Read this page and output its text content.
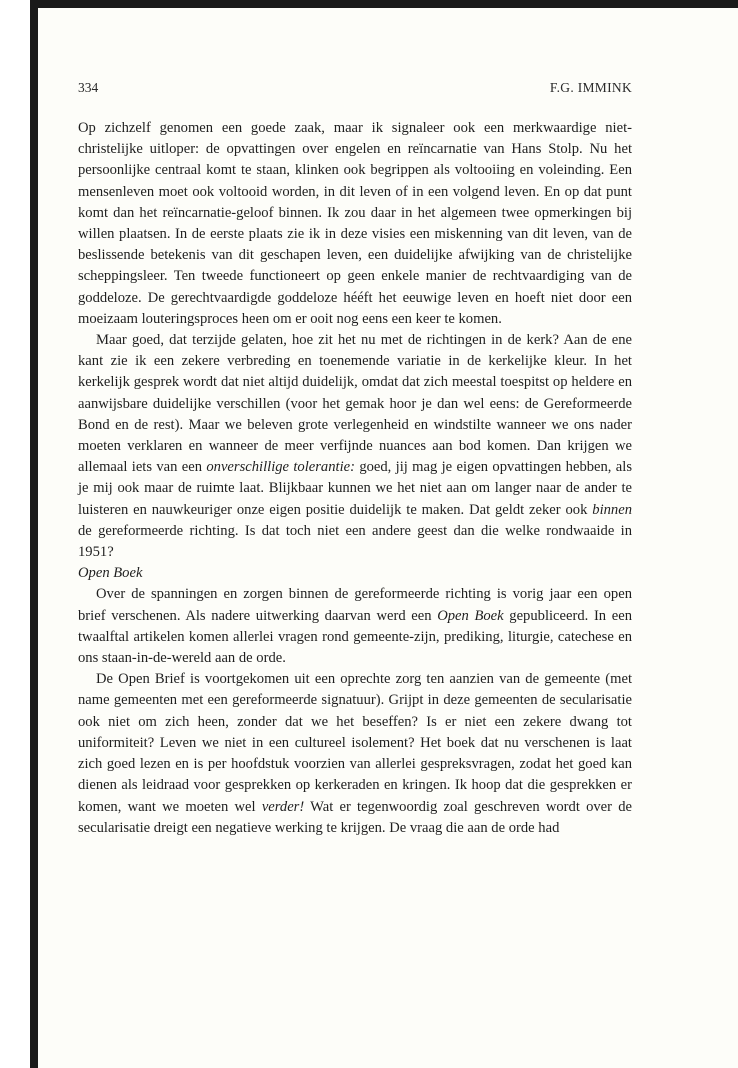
334	F.G. IMMINK

Op zichzelf genomen een goede zaak, maar ik signaleer ook een merkwaardige niet-christelijke uitloper: de opvattingen over engelen en reïncarnatie van Hans Stolp. Nu het persoonlijke centraal komt te staan, klinken ook begrippen als voltooiing en voleinding. Een mensenleven moet ook voltooid worden, in dit leven of in een volgend leven. En op dat punt komt dan het reïncarnatie-geloof binnen. Ik zou daar in het algemeen twee opmerkingen bij willen plaatsen. In de eerste plaats zie ik in deze visies een miskenning van dit leven, van de beslissende betekenis van dit geschapen leven, een duidelijke afwijking van de christelijke scheppingsleer. Ten tweede functioneert op geen enkele manier de rechtvaardiging van de goddeloze. De gerechtvaardigde goddeloze hééft het eeuwige leven en hoeft niet door een moeizaam louteringsproces heen om er ooit nog eens een keer te komen.

Maar goed, dat terzijde gelaten, hoe zit het nu met de richtingen in de kerk? Aan de ene kant zie ik een zekere verbreding en toenemende variatie in de kerkelijke kleur. In het kerkelijk gesprek wordt dat niet altijd duidelijk, omdat dat zich meestal toespitst op heldere en aanwijsbare duidelijke verschillen (voor het gemak hoor je dan wel eens: de Gereformeerde Bond en de rest). Maar we beleven grote verlegenheid en windstilte wanneer we ons nader moeten verklaren en wanneer de meer verfijnde nuances aan bod komen. Dan krijgen we allemaal iets van een onverschillige tolerantie: goed, jij mag je eigen opvattingen hebben, als je mij ook maar de ruimte laat. Blijkbaar kunnen we het niet aan om langer naar de ander te luisteren en nauwkeuriger onze eigen positie duidelijk te maken. Dat geldt zeker ook binnen de gereformeerde richting. Is dat toch niet een andere geest dan die welke rondwaaide in 1951?

Open Boek

Over de spanningen en zorgen binnen de gereformeerde richting is vorig jaar een open brief verschenen. Als nadere uitwerking daarvan werd een Open Boek gepubliceerd. In een twaalftal artikelen komen allerlei vragen rond gemeente-zijn, prediking, liturgie, catechese en ons staan-in-de-wereld aan de orde.

De Open Brief is voortgekomen uit een oprechte zorg ten aanzien van de gemeente (met name gemeenten met een gereformeerde signatuur). Grijpt in deze gemeenten de secularisatie ook niet om zich heen, zonder dat we het beseffen? Is er niet een zekere dwang tot uniformiteit? Leven we niet in een cultureel isolement? Het boek dat nu verschenen is laat zich goed lezen en is per hoofdstuk voorzien van allerlei gespreksvragen, zodat het goed kan dienen als leidraad voor gesprekken op kerkeraden en kringen. Ik hoop dat die gesprekken er komen, want we moeten wel verder! Wat er tegenwoordig zoal geschreven wordt over de secularisatie dreigt een negatieve werking te krijgen. De vraag die aan de orde had
